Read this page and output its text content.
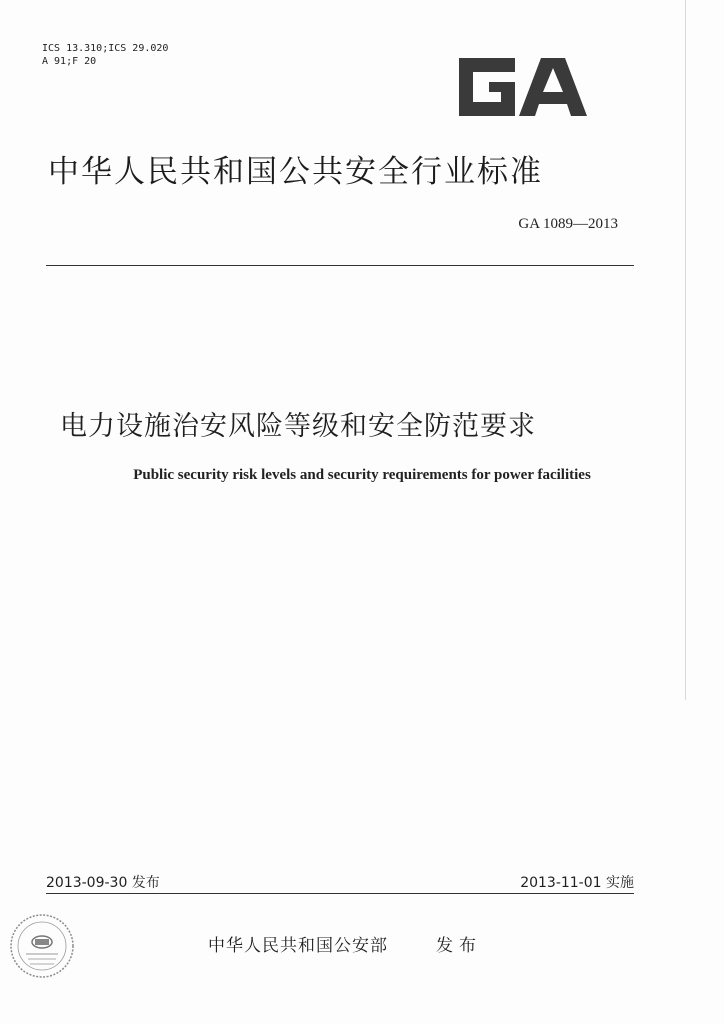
ICS 13.310;ICS 29.020
A 91;F 20
GA
中华人民共和国公共安全行业标准
GA 1089—2013
电力设施治安风险等级和安全防范要求
Public security risk levels and security requirements for power facilities
2013-09-30 发布	2013-11-01 实施
中华人民共和国公安部	发布
